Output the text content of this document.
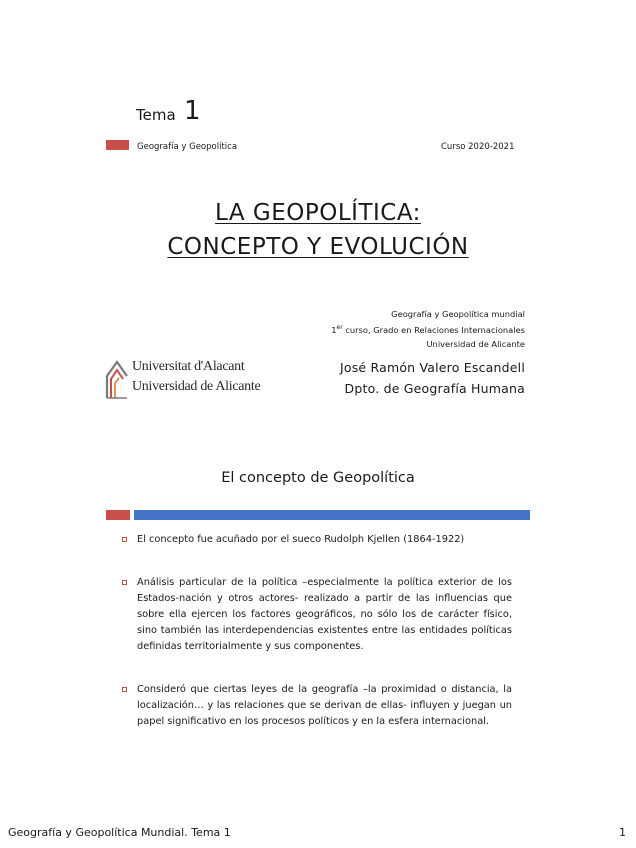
Tema 1
Geografía y Geopolítica	Curso 2020-2021
LA GEOPOLÍTICA:
CONCEPTO Y EVOLUCIÓN
Geografía y Geopolítica mundial
1er curso, Grado en Relaciones Internacionales
Universidad de Alicante
José Ramón Valero Escandell
Dpto. de Geografía Humana
Universitat d'Alacant
Universidad de Alicante
El concepto de Geopolítica
El concepto fue acuñado por el sueco Rudolph Kjellen (1864-1922)
Análisis particular de la política –especialmente la política exterior de los Estados-nación y otros actores- realizado a partir de las influencias que sobre ella ejercen los factores geográficos, no sólo los de carácter físico, sino también las interdependencias existentes entre las entidades políticas definidas territorialmente y sus componentes.
Consideró que ciertas leyes de la geografía –la proximidad o distancia, la localización… y las relaciones que se derivan de ellas- influyen y juegan un papel significativo en los procesos políticos y en la esfera internacional.
Geografía y Geopolítica Mundial. Tema 1	1
